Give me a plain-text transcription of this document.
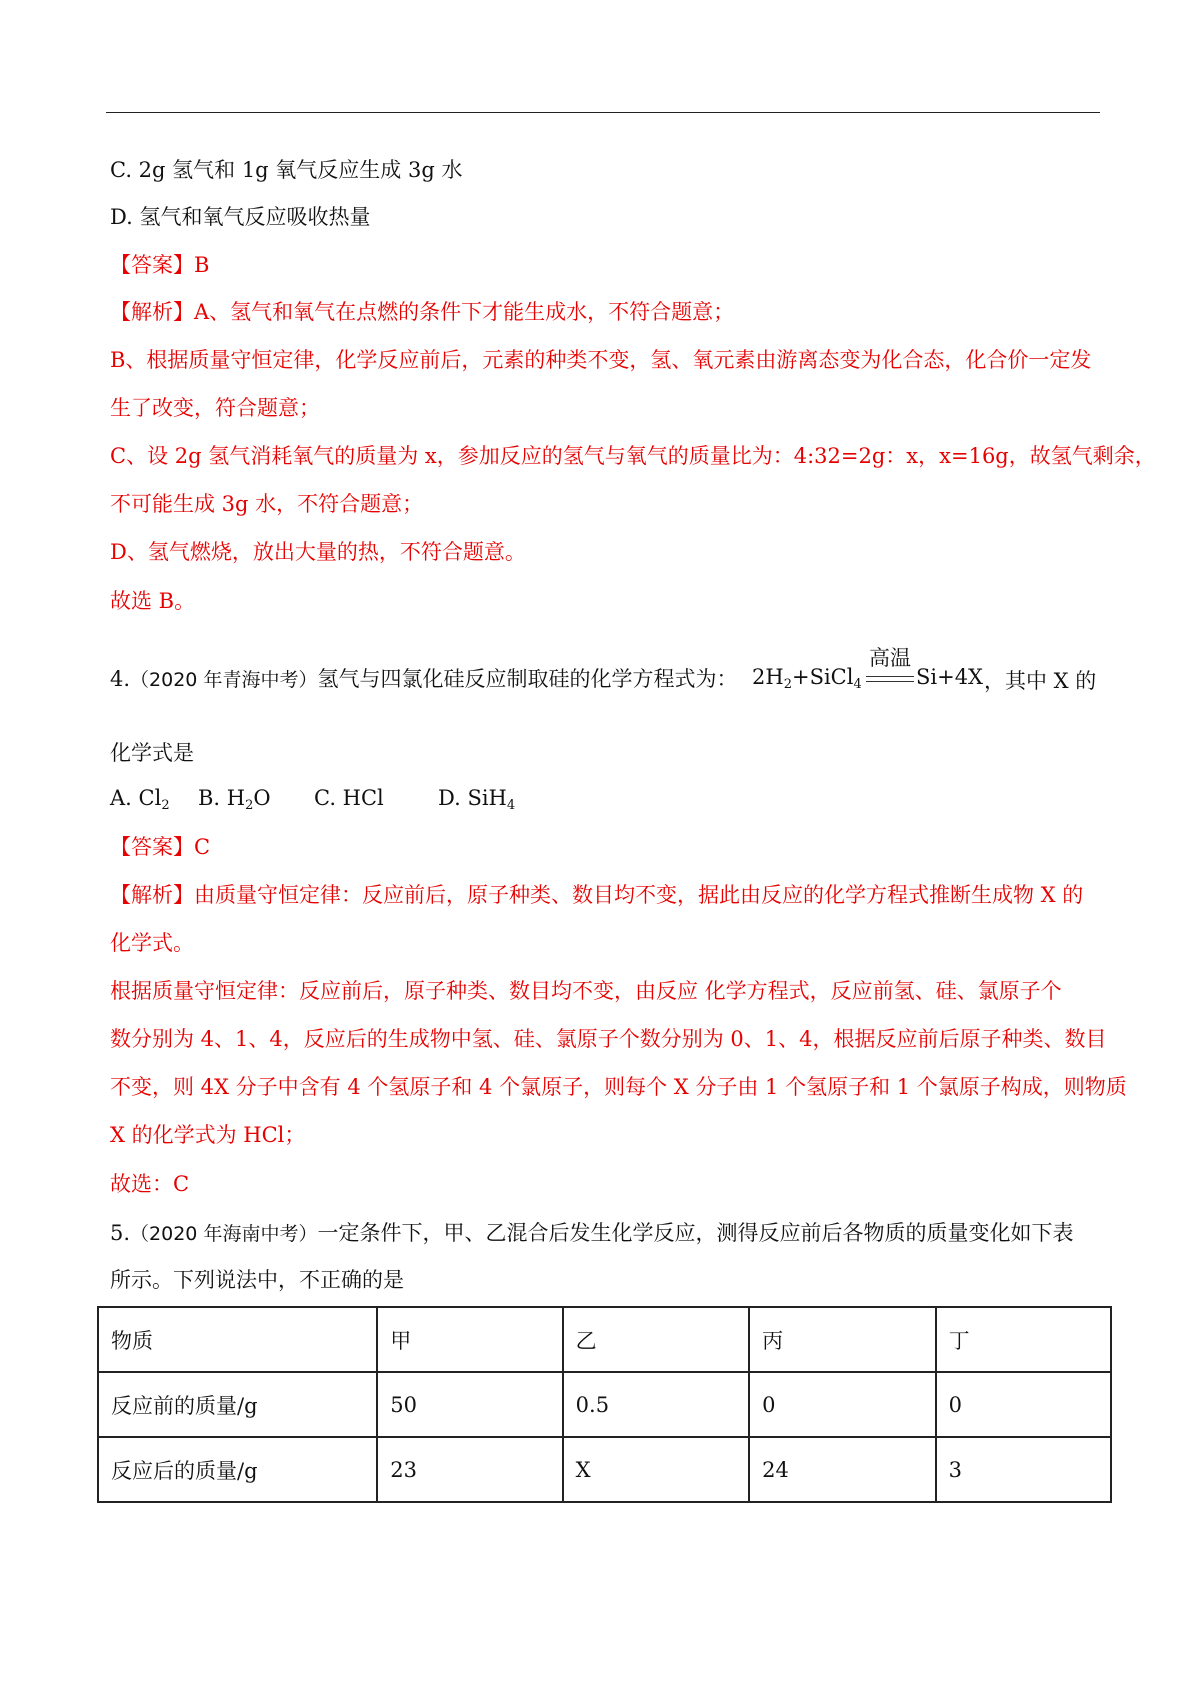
C. 2g 氢气和 1g 氧气反应生成 3g 水
D. 氢气和氧气反应吸收热量
【答案】B
【解析】A、氢气和氧气在点燃的条件下才能生成水，不符合题意；
B、根据质量守恒定律，化学反应前后，元素的种类不变，氢、氧元素由游离态变为化合态，化合价一定发
生了改变，符合题意；
C、设 2g 氢气消耗氧气的质量为 x，参加反应的氢气与氧气的质量比为：4:32=2g：x，x=16g，故氢气剩余，
不可能生成 3g 水，不符合题意；
D、氢气燃烧，放出大量的热，不符合题意。
故选 B。
4.（2020 年青海中考）氢气与四氯化硅反应制取硅的化学方程式为： $2H_2+SiCl_4$
高温
Si+4X ，其中 X 的
化学式是
A. $Cl_2$ B. $H_2O$ C. HCl	D. SiH$_4$
【答案】C
【解析】由质量守恒定律：反应前后，原子种类、数目均不变，据此由反应的化学方程式推断生成物 X 的
化学式。
根据质量守恒定律：反应前后，原子种类、数目均不变，由反应 化学方程式，反应前氢、硅、氯原子个
数分别为 4、1、4，反应后的生成物中氢、硅、氯原子个数分别为 0、1、4，根据反应前后原子种类、数目
不变，则 4X 分子中含有 4 个氢原子和 4 个氯原子，则每个 X 分子由 1 个氢原子和 1 个氯原子构成，则物质
X 的化学式为 HCl；
故选：C
5.（2020 年海南中考）一定条件下，甲、乙混合后发生化学反应，测得反应前后各物质的质量变化如下表
所示。下列说法中，不正确的是
物质	甲	乙	丙	丁
反应前的质量/g	50	0.5	0	0
反应后的质量/g	23	X	24	3
